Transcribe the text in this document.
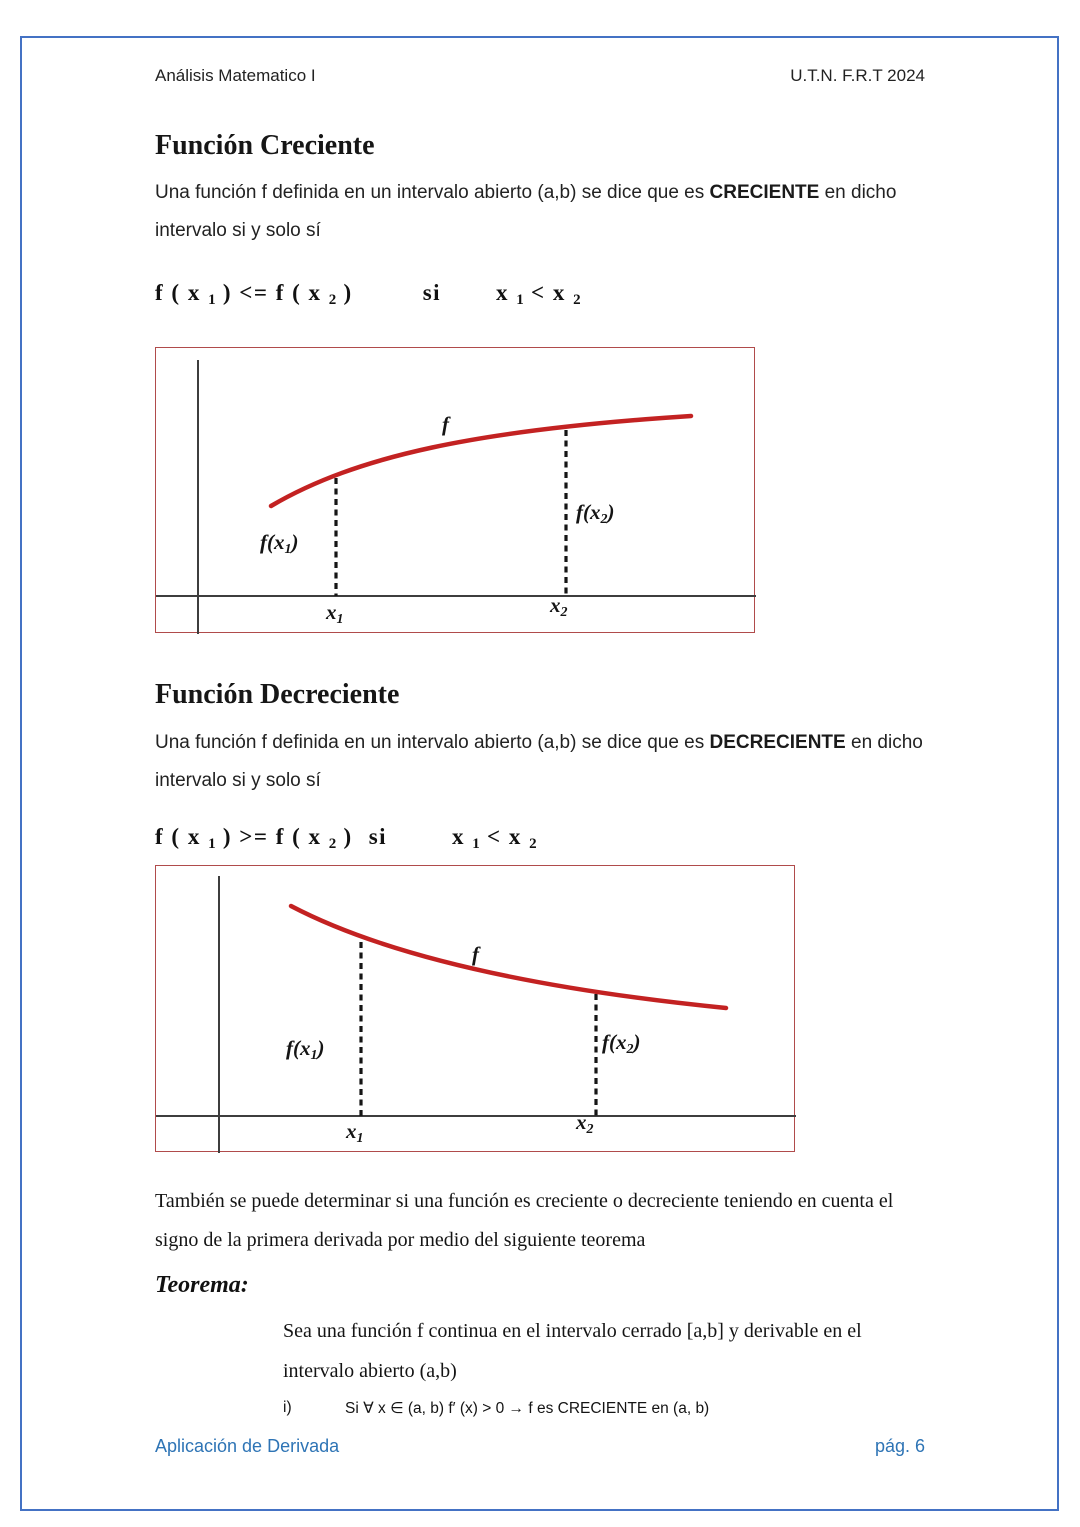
Análisis Matematico I	U.T.N. F.R.T 2024
Función Creciente

Una función f definida en un intervalo abierto (a,b) se dice que es CRECIENTE en dicho intervalo si y solo sí

f ( x $_1$ ) <= f ( x $_2$ )	si x $_1$ < x $_2$
f
f(x1)
f(x2)
x1
x2
Función Decreciente

Una función f definida en un intervalo abierto (a,b) se dice que es DECRECIENTE en dicho intervalo si y solo sí

f ( x $_1$ ) >= f ( x $_2$ ) si	x $_1$ < x $_2$
f
f(x1)	f(x2)
x1
x2

También se puede determinar si una función es creciente o decreciente teniendo en cuenta el signo de la primera derivada por medio del siguiente teorema

Teorema:

Sea una función f continua en el intervalo cerrado [a,b] y derivable en el intervalo abierto (a,b)

i)	Si ∀ x ∈ (a, b) f′ (x) > 0 → f es CRECIENTE en (a, b)
Aplicación de Derivada	pág. 6
